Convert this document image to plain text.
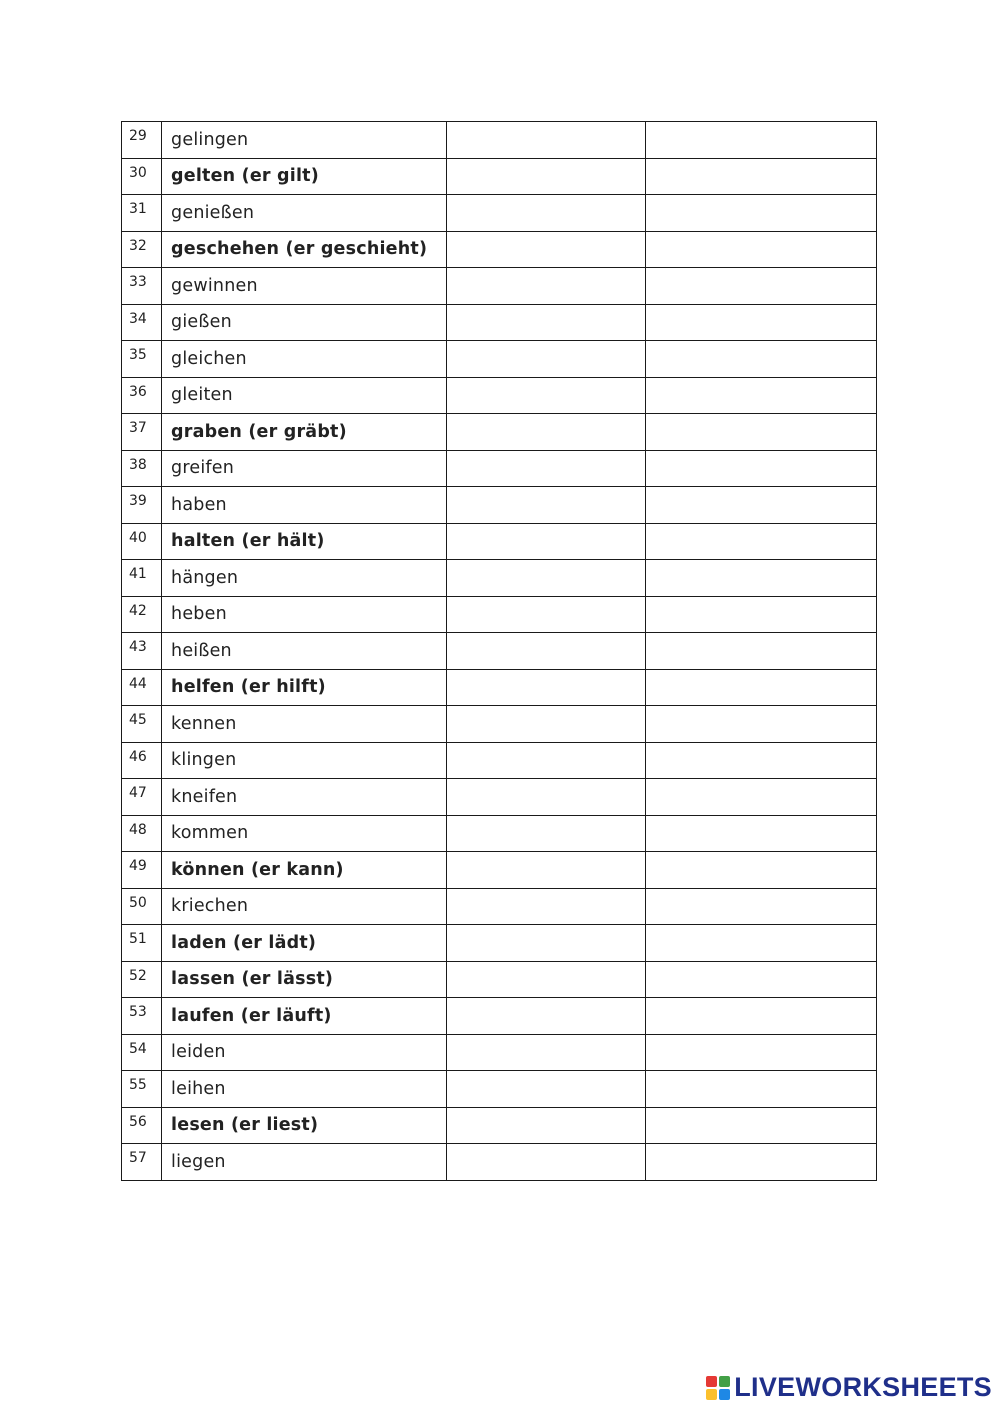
29	gelingen		
30	gelten (er gilt)		
31	genießen		
32	geschehen (er geschieht)		
33	gewinnen		
34	gießen		
35	gleichen		
36	gleiten		
37	graben (er gräbt)		
38	greifen		
39	haben		
40	halten (er hält)		
41	hängen		
42	heben		
43	heißen		
44	helfen (er hilft)		
45	kennen		
46	klingen		
47	kneifen		
48	kommen		
49	können (er kann)		
50	kriechen		
51	laden (er lädt)		
52	lassen (er lässt)		
53	laufen (er läuft)		
54	leiden		
55	leihen		
56	lesen (er liest)		
57	liegen		
LIVEWORKSHEETS
